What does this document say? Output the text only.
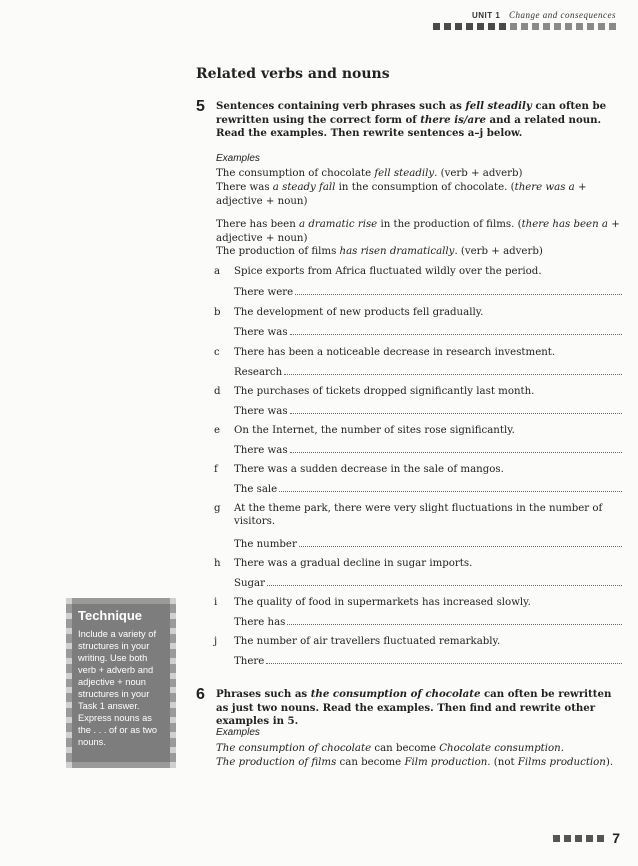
UNIT 1 Change and consequences
Related verbs and nouns
5 Sentences containing verb phrases such as fell steadily can often be rewritten using the correct form of there is/are and a related noun. Read the examples. Then rewrite sentences a–j below.
Examples
The consumption of chocolate fell steadily. (verb + adverb)
There was a steady fall in the consumption of chocolate. (there was a + adjective + noun)
There has been a dramatic rise in the production of films. (there has been a + adjective + noun)
The production of films has risen dramatically. (verb + adverb)
a Spice exports from Africa fluctuated wildly over the period.
There were
b The development of new products fell gradually.
There was
c There has been a noticeable decrease in research investment.
Research
d The purchases of tickets dropped significantly last month.
There was
e On the Internet, the number of sites rose significantly.
There was
f There was a sudden decrease in the sale of mangos.
The sale
g At the theme park, there were very slight fluctuations in the number of visitors.
The number
h There was a gradual decline in sugar imports.
Sugar
i The quality of food in supermarkets has increased slowly.
There has
j The number of air travellers fluctuated remarkably.
There
6 Phrases such as the consumption of chocolate can often be rewritten as just two nouns. Read the examples. Then find and rewrite other examples in 5.
Examples
The consumption of chocolate can become Chocolate consumption.
The production of films can become Film production. (not Films production).
Technique
Include a variety of structures in your writing. Use both verb + adverb and adjective + noun structures in your Task 1 answer. Express nouns as the . . . of or as two nouns.
7
